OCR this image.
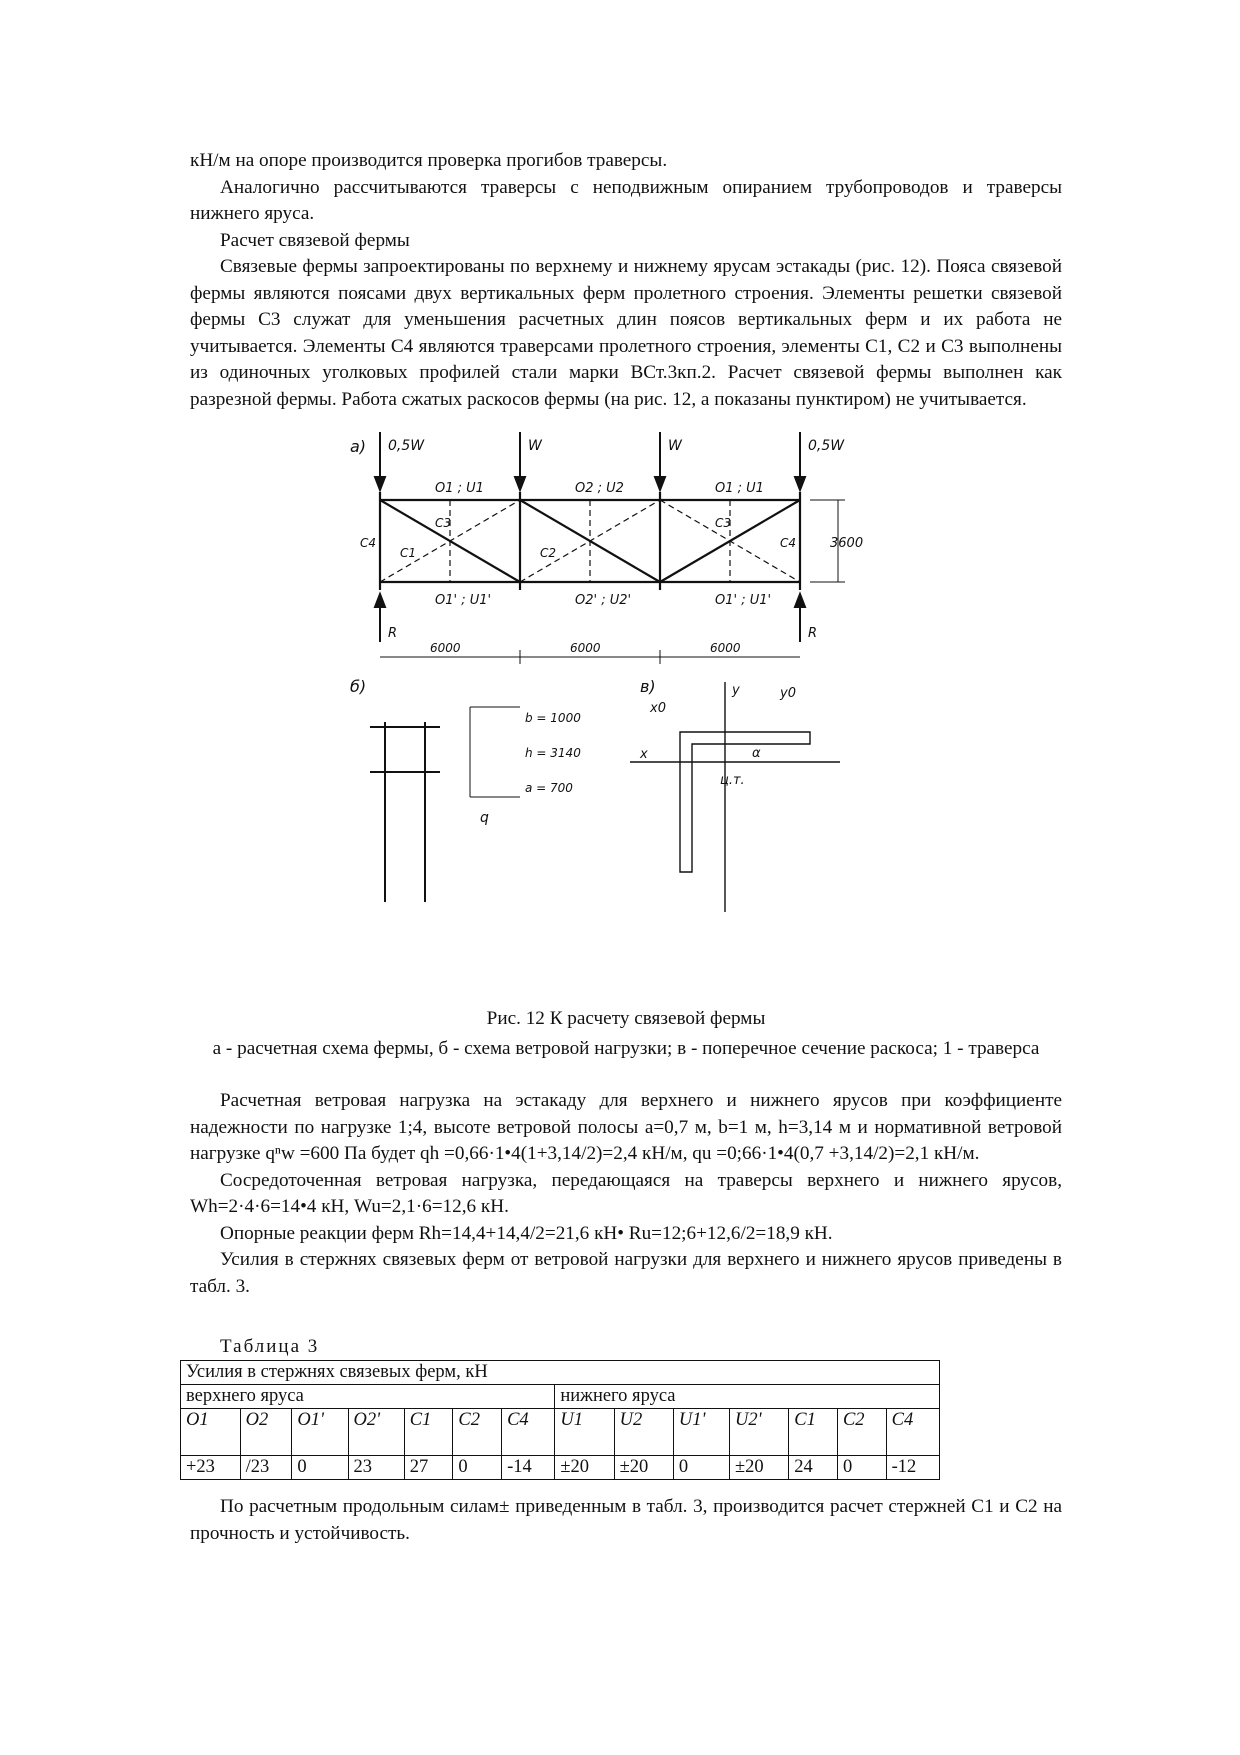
кН/м на опоре производится проверка прогибов траверсы.

Аналогично рассчитываются траверсы с неподвижным опиранием трубопроводов и траверсы нижнего яруса.

Расчет связевой фермы

Связевые фермы запроектированы по верхнему и нижнему ярусам эстакады (рис. 12). Пояса связевой фермы являются поясами двух вертикальных ферм пролетного строения. Элементы решетки связевой фермы С3 служат для уменьшения расчетных длин поясов вертикальных ферм и их работа не учитывается. Элементы С4 являются траверсами пролетного строения, элементы С1, С2 и С3 выполнены из одиночных уголковых профилей стали марки ВСт.3кп.2. Расчет связевой фермы выполнен как разрезной фермы. Работа сжатых раскосов фермы (на рис. 12, а показаны пунктиром) не учитывается.

а) 0,5W	W	W	0,5W
O1 ; U1	O2 ; U2	O1 ; U1
O1' ; U1'	O2' ; U2'	O1' ; U1'
C4
C3
C1	C2
C3
C4	3600
R	R
6000	6000	6000
б)
b = 1000
h = 3140
a = 700
q
в)	y	y0
x0
x	α
ц.т.
Рис. 12 К расчету связевой фермы
а - расчетная схема фермы, б - схема ветровой нагрузки; в - поперечное сечение раскоса; 1 - траверса

Расчетная ветровая нагрузка на эстакаду для верхнего и нижнего ярусов при коэффициенте надежности по нагрузке 1;4, высоте ветровой полосы a=0,7 м, b=1 м, h=3,14 м и нормативной ветровой нагрузке qⁿw =600 Па будет qh =0,66·1•4(1+3,14/2)=2,4 кН/м, qu =0;66·1•4(0,7 +3,14/2)=2,1 кН/м.

Сосредоточенная ветровая нагрузка, передающаяся на траверсы верхнего и нижнего ярусов, Wh=2·4·6=14•4 кН, Wu=2,1·6=12,6 кН.

Опорные реакции ферм Rh=14,4+14,4/2=21,6 кН• Ru=12;6+12,6/2=18,9 кН.

Усилия в стержнях связевых ферм от ветровой нагрузки для верхнего и нижнего ярусов приведены в табл. 3.

Таблица 3
Усилия в стержнях связевых ферм, кН													
верхнего яруса							нижнего яруса						
O1	O2	O1'	O2'	C1	C2	C4	U1	U2	U1'	U2'	C1	C2	C4
+23	/23	0	23	27	0	-14	±20	±20	0	±20	24	0	-12

По расчетным продольным силам± приведенным в табл. 3, производится расчет стержней С1 и С2 на прочность и устойчивость.
